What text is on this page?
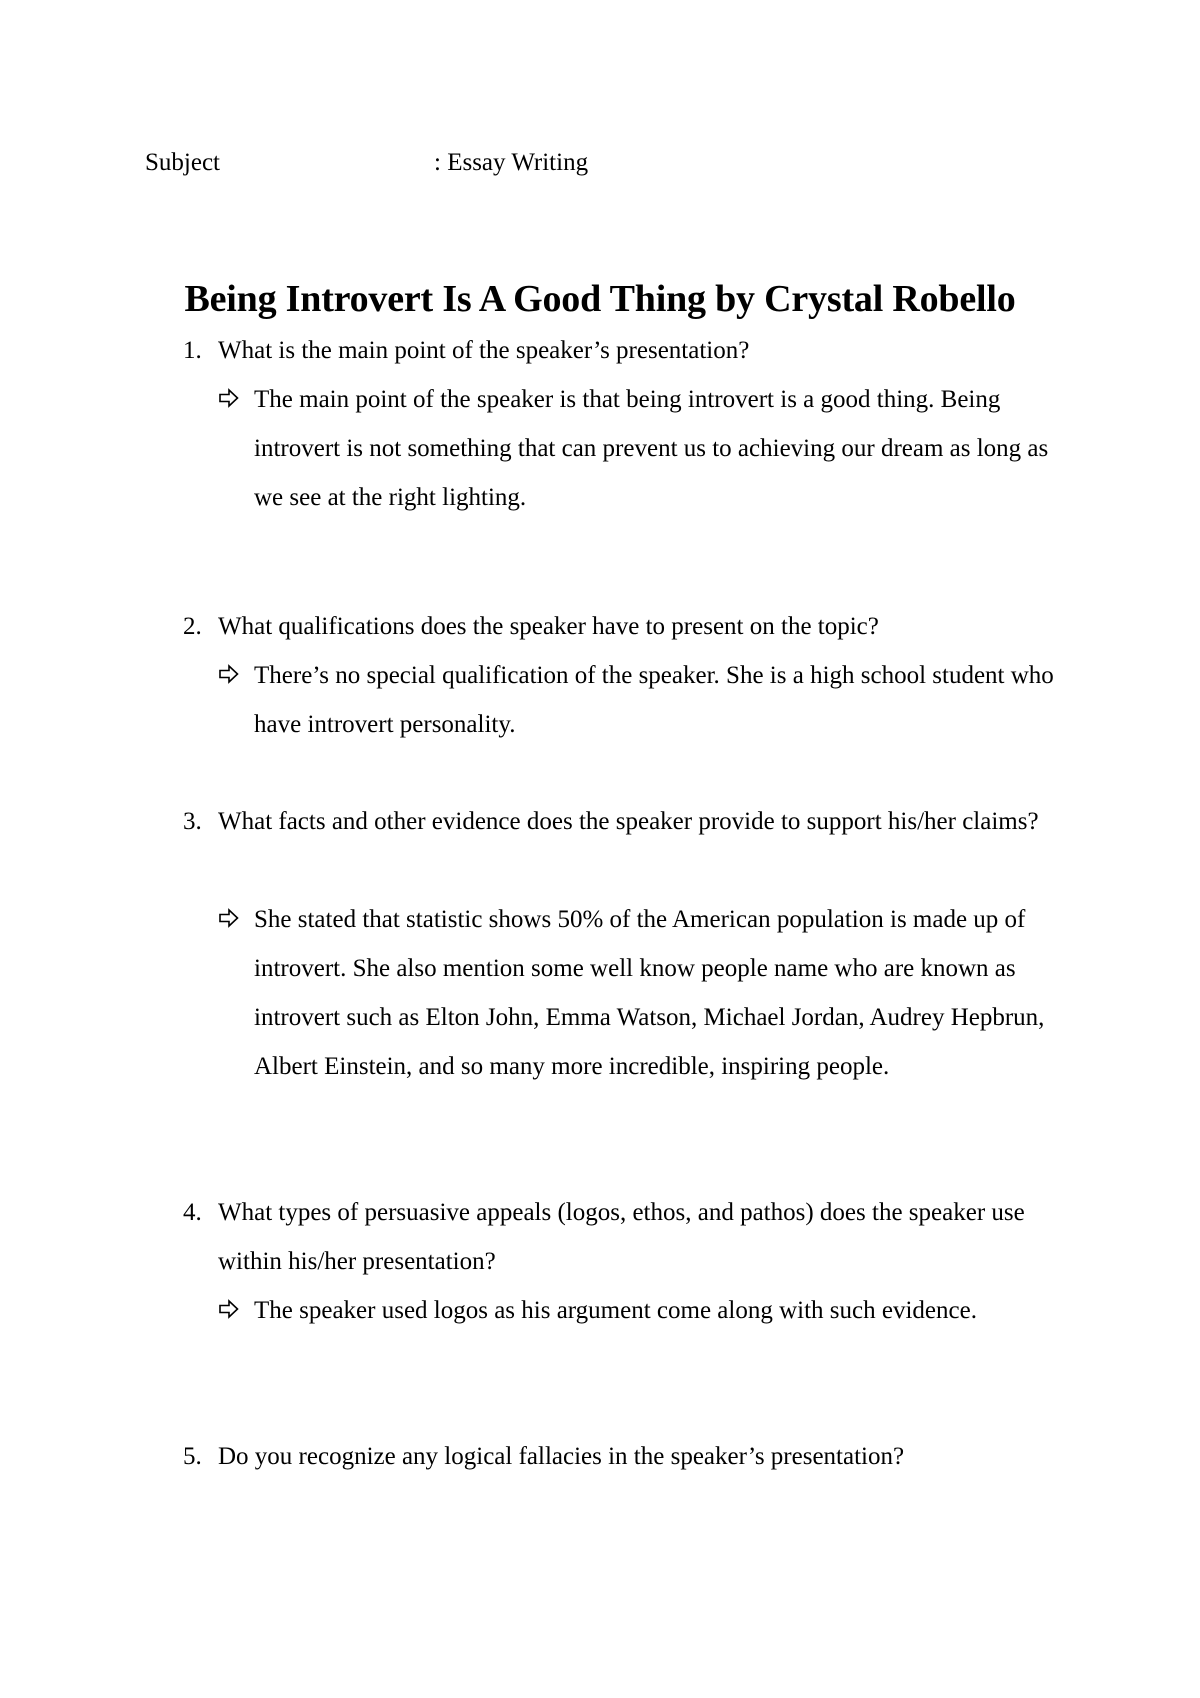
Subject	: Essay Writing
Being Introvert Is A Good Thing by Crystal Robello
1. What is the main point of the speaker’s presentation?
The main point of the speaker is that being introvert is a good thing. Being introvert is not something that can prevent us to achieving our dream as long as we see at the right lighting.
2. What qualifications does the speaker have to present on the topic?
There’s no special qualification of the speaker. She is a high school student who have introvert personality.
3. What facts and other evidence does the speaker provide to support his/her claims?
She stated that statistic shows 50% of the American population is made up of introvert. She also mention some well know people name who are known as introvert such as Elton John, Emma Watson, Michael Jordan, Audrey Hepbrun, Albert Einstein, and so many more incredible, inspiring people.
4. What types of persuasive appeals (logos, ethos, and pathos) does the speaker use within his/her presentation?
The speaker used logos as his argument come along with such evidence.
5. Do you recognize any logical fallacies in the speaker’s presentation?
